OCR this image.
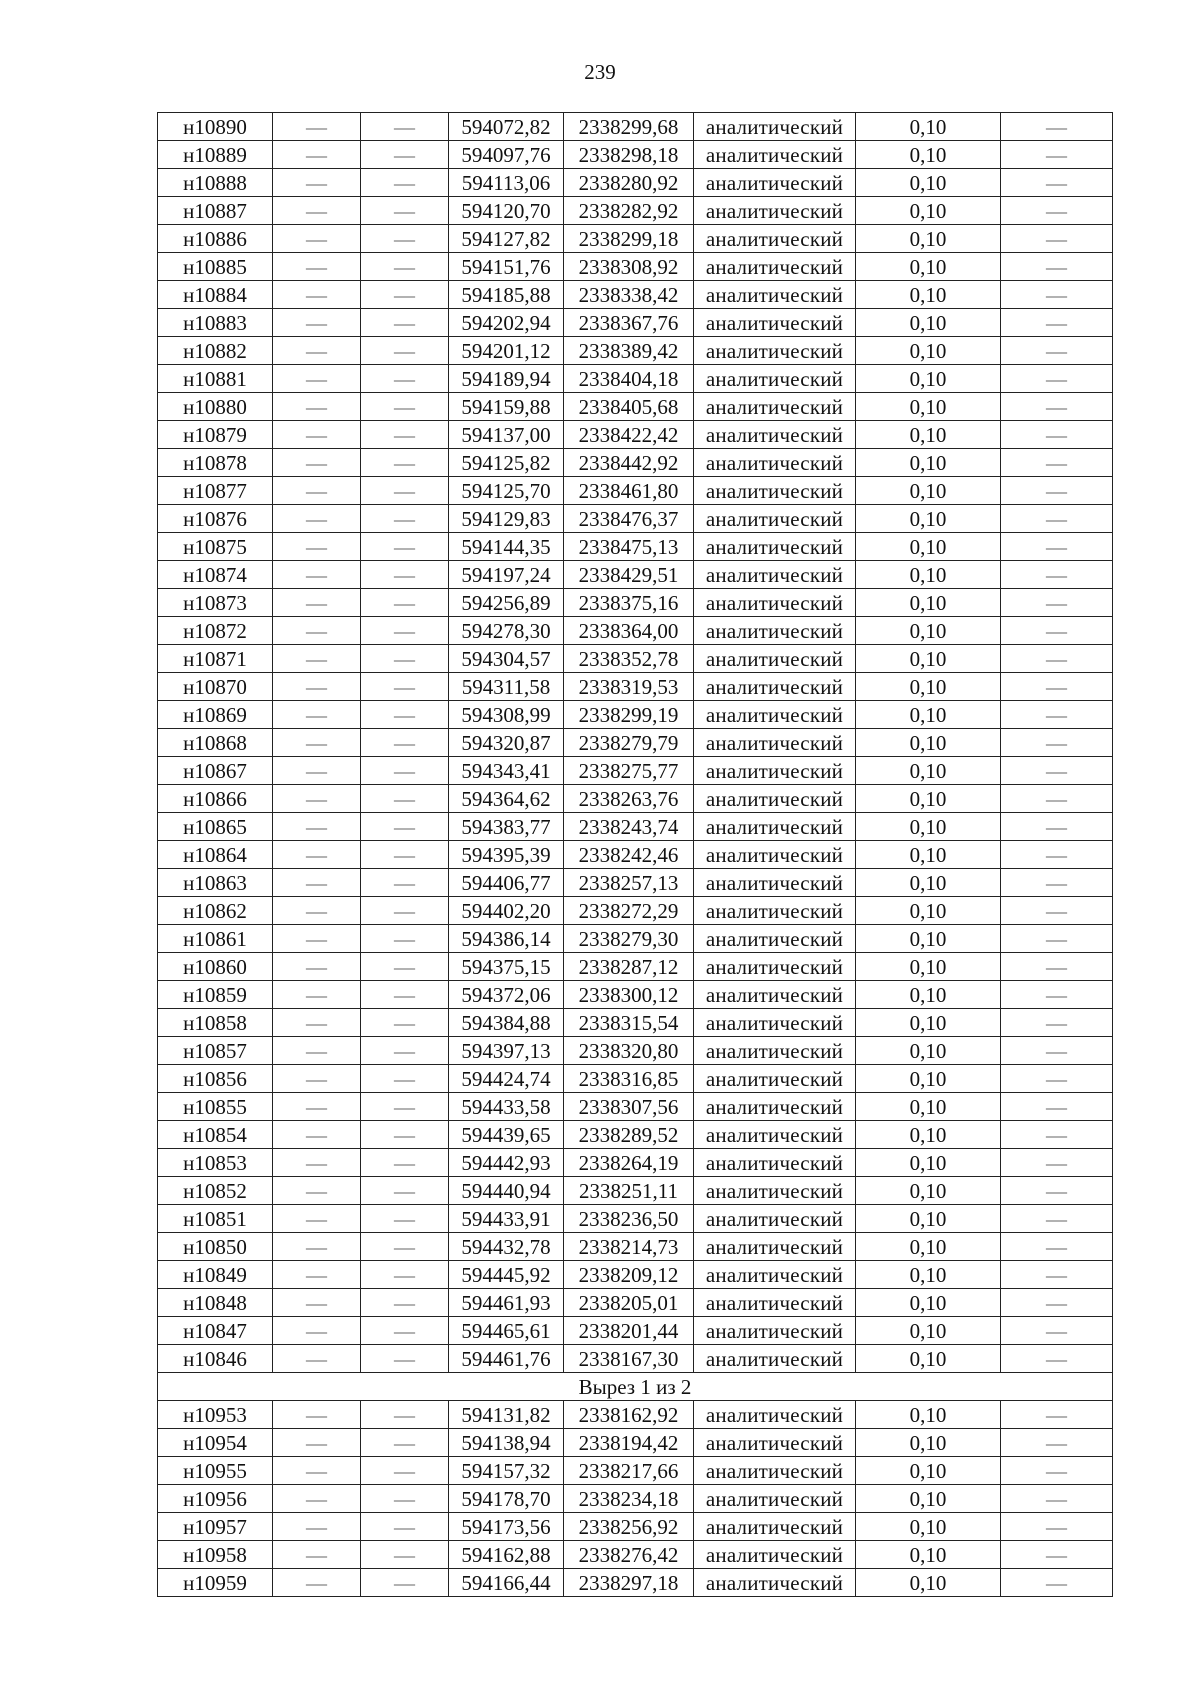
239
н10890	—	—	594072,82	2338299,68	аналитический	0,10	—
н10889	—	—	594097,76	2338298,18	аналитический	0,10	—
н10888	—	—	594113,06	2338280,92	аналитический	0,10	—
н10887	—	—	594120,70	2338282,92	аналитический	0,10	—
н10886	—	—	594127,82	2338299,18	аналитический	0,10	—
н10885	—	—	594151,76	2338308,92	аналитический	0,10	—
н10884	—	—	594185,88	2338338,42	аналитический	0,10	—
н10883	—	—	594202,94	2338367,76	аналитический	0,10	—
н10882	—	—	594201,12	2338389,42	аналитический	0,10	—
н10881	—	—	594189,94	2338404,18	аналитический	0,10	—
н10880	—	—	594159,88	2338405,68	аналитический	0,10	—
н10879	—	—	594137,00	2338422,42	аналитический	0,10	—
н10878	—	—	594125,82	2338442,92	аналитический	0,10	—
н10877	—	—	594125,70	2338461,80	аналитический	0,10	—
н10876	—	—	594129,83	2338476,37	аналитический	0,10	—
н10875	—	—	594144,35	2338475,13	аналитический	0,10	—
н10874	—	—	594197,24	2338429,51	аналитический	0,10	—
н10873	—	—	594256,89	2338375,16	аналитический	0,10	—
н10872	—	—	594278,30	2338364,00	аналитический	0,10	—
н10871	—	—	594304,57	2338352,78	аналитический	0,10	—
н10870	—	—	594311,58	2338319,53	аналитический	0,10	—
н10869	—	—	594308,99	2338299,19	аналитический	0,10	—
н10868	—	—	594320,87	2338279,79	аналитический	0,10	—
н10867	—	—	594343,41	2338275,77	аналитический	0,10	—
н10866	—	—	594364,62	2338263,76	аналитический	0,10	—
н10865	—	—	594383,77	2338243,74	аналитический	0,10	—
н10864	—	—	594395,39	2338242,46	аналитический	0,10	—
н10863	—	—	594406,77	2338257,13	аналитический	0,10	—
н10862	—	—	594402,20	2338272,29	аналитический	0,10	—
н10861	—	—	594386,14	2338279,30	аналитический	0,10	—
н10860	—	—	594375,15	2338287,12	аналитический	0,10	—
н10859	—	—	594372,06	2338300,12	аналитический	0,10	—
н10858	—	—	594384,88	2338315,54	аналитический	0,10	—
н10857	—	—	594397,13	2338320,80	аналитический	0,10	—
н10856	—	—	594424,74	2338316,85	аналитический	0,10	—
н10855	—	—	594433,58	2338307,56	аналитический	0,10	—
н10854	—	—	594439,65	2338289,52	аналитический	0,10	—
н10853	—	—	594442,93	2338264,19	аналитический	0,10	—
н10852	—	—	594440,94	2338251,11	аналитический	0,10	—
н10851	—	—	594433,91	2338236,50	аналитический	0,10	—
н10850	—	—	594432,78	2338214,73	аналитический	0,10	—
н10849	—	—	594445,92	2338209,12	аналитический	0,10	—
н10848	—	—	594461,93	2338205,01	аналитический	0,10	—
н10847	—	—	594465,61	2338201,44	аналитический	0,10	—
н10846	—	—	594461,76	2338167,30	аналитический	0,10	—
Вырез 1 из 2							
н10953	—	—	594131,82	2338162,92	аналитический	0,10	—
н10954	—	—	594138,94	2338194,42	аналитический	0,10	—
н10955	—	—	594157,32	2338217,66	аналитический	0,10	—
н10956	—	—	594178,70	2338234,18	аналитический	0,10	—
н10957	—	—	594173,56	2338256,92	аналитический	0,10	—
н10958	—	—	594162,88	2338276,42	аналитический	0,10	—
н10959	—	—	594166,44	2338297,18	аналитический	0,10	—
